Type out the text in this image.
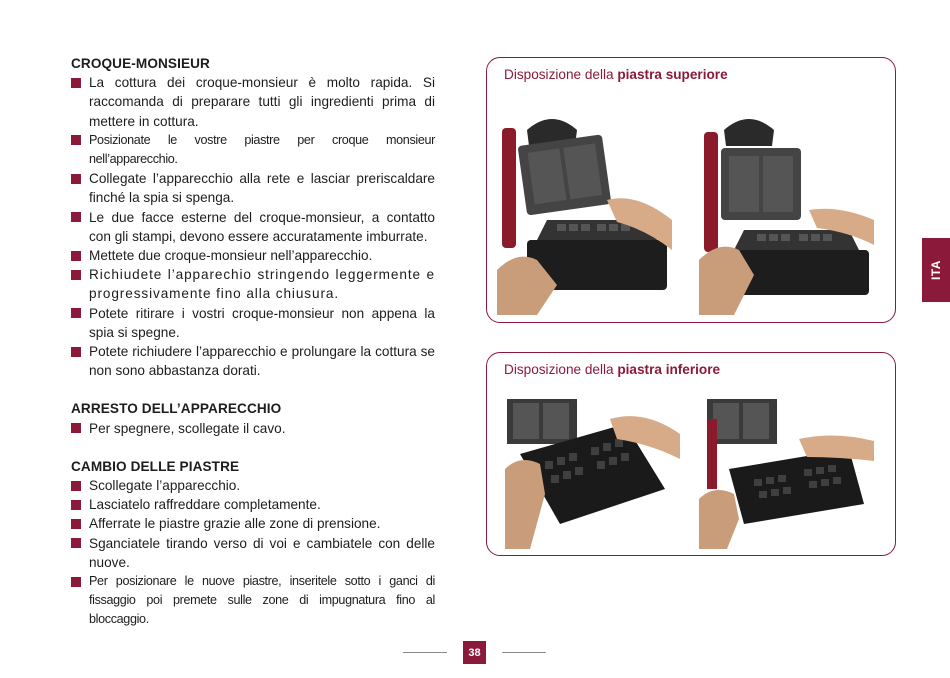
CROQUE-MONSIEUR
La cottura dei croque-monsieur è molto rapida. Si raccomanda di preparare tutti gli ingredienti prima di mettere in cottura.
Posizionate le vostre piastre per croque monsieur nell’apparecchio.
Collegate l’apparecchio alla rete e lasciar preriscaldare finché la spia si spenga.
Le due facce esterne del croque-monsieur, a contatto con gli stampi, devono essere accuratamente imburrate.
Mettete due croque-monsieur nell’apparecchio.
Richiudete l’apparechio stringendo leggermente e progressivamente fino alla chiusura.
Potete ritirare i vostri croque-monsieur non appena la spia si spegne.
Potete richiudere l’apparecchio e prolungare la cottura se non sono abbastanza dorati.
ARRESTO DELL’APPARECCHIO
Per spegnere, scollegate il cavo.
CAMBIO DELLE PIASTRE
Scollegate l’apparecchio.
Lasciatelo raffreddare completamente.
Afferrate le piastre grazie alle zone di prensione.
Sganciatele tirando verso di voi e cambiatele con delle nuove.
Per posizionare le nuove piastre, inseritele sotto i ganci di fissaggio poi premete sulle zone di impugnatura fino al bloccaggio.
Disposizione della piastra superiore
Disposizione della piastra inferiore
ITA
38
